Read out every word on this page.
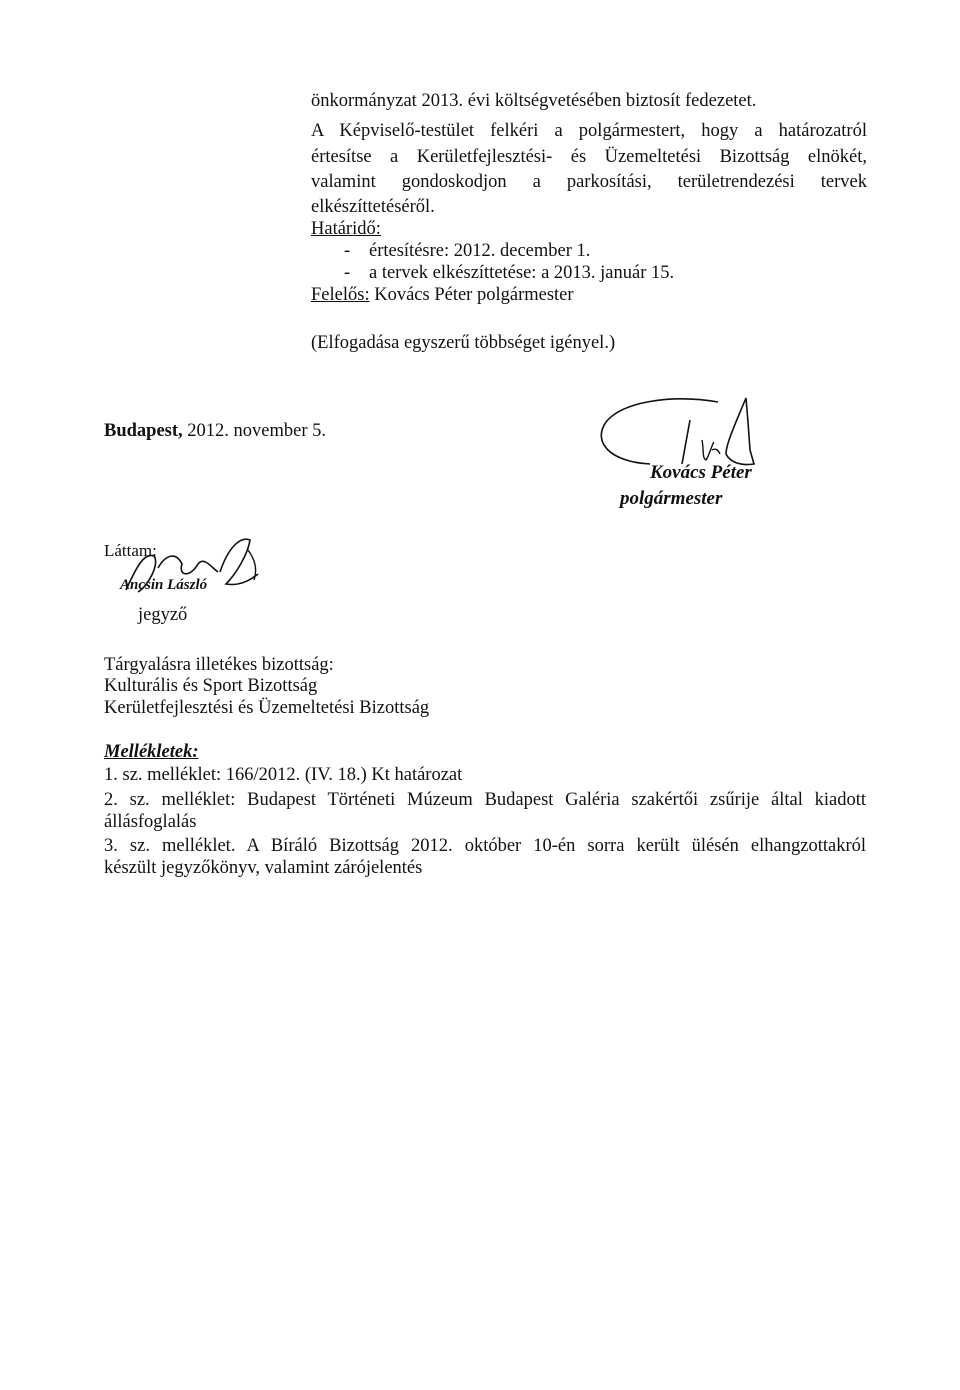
önkormányzat 2013. évi költségvetésében biztosít fedezetet.
A Képviselő-testület felkéri a polgármestert, hogy a határozatról
értesítse a Kerületfejlesztési- és Üzemeltetési Bizottság elnökét,
valamint gondoskodjon a parkosítási, területrendezési tervek
elkészíttetéséről.
Határidő:
- értesítésre: 2012. december 1.
- a tervek elkészíttetése: a 2013. január 15.
Felelős: Kovács Péter polgármester
(Elfogadása egyszerű többséget igényel.)
Budapest, 2012. november 5.
Kovács Péter
polgármester
Láttam:
Ancsin László
jegyző
Tárgyalásra illetékes bizottság:
Kulturális és Sport Bizottság
Kerületfejlesztési és Üzemeltetési Bizottság
Mellékletek:
1. sz. melléklet: 166/2012. (IV. 18.) Kt határozat
2. sz. melléklet: Budapest Történeti Múzeum Budapest Galéria szakértői zsűrije által kiadott
állásfoglalás
3. sz. melléklet. A Bíráló Bizottság 2012. október 10-én sorra került ülésén elhangzottakról
készült jegyzőkönyv, valamint zárójelentés
